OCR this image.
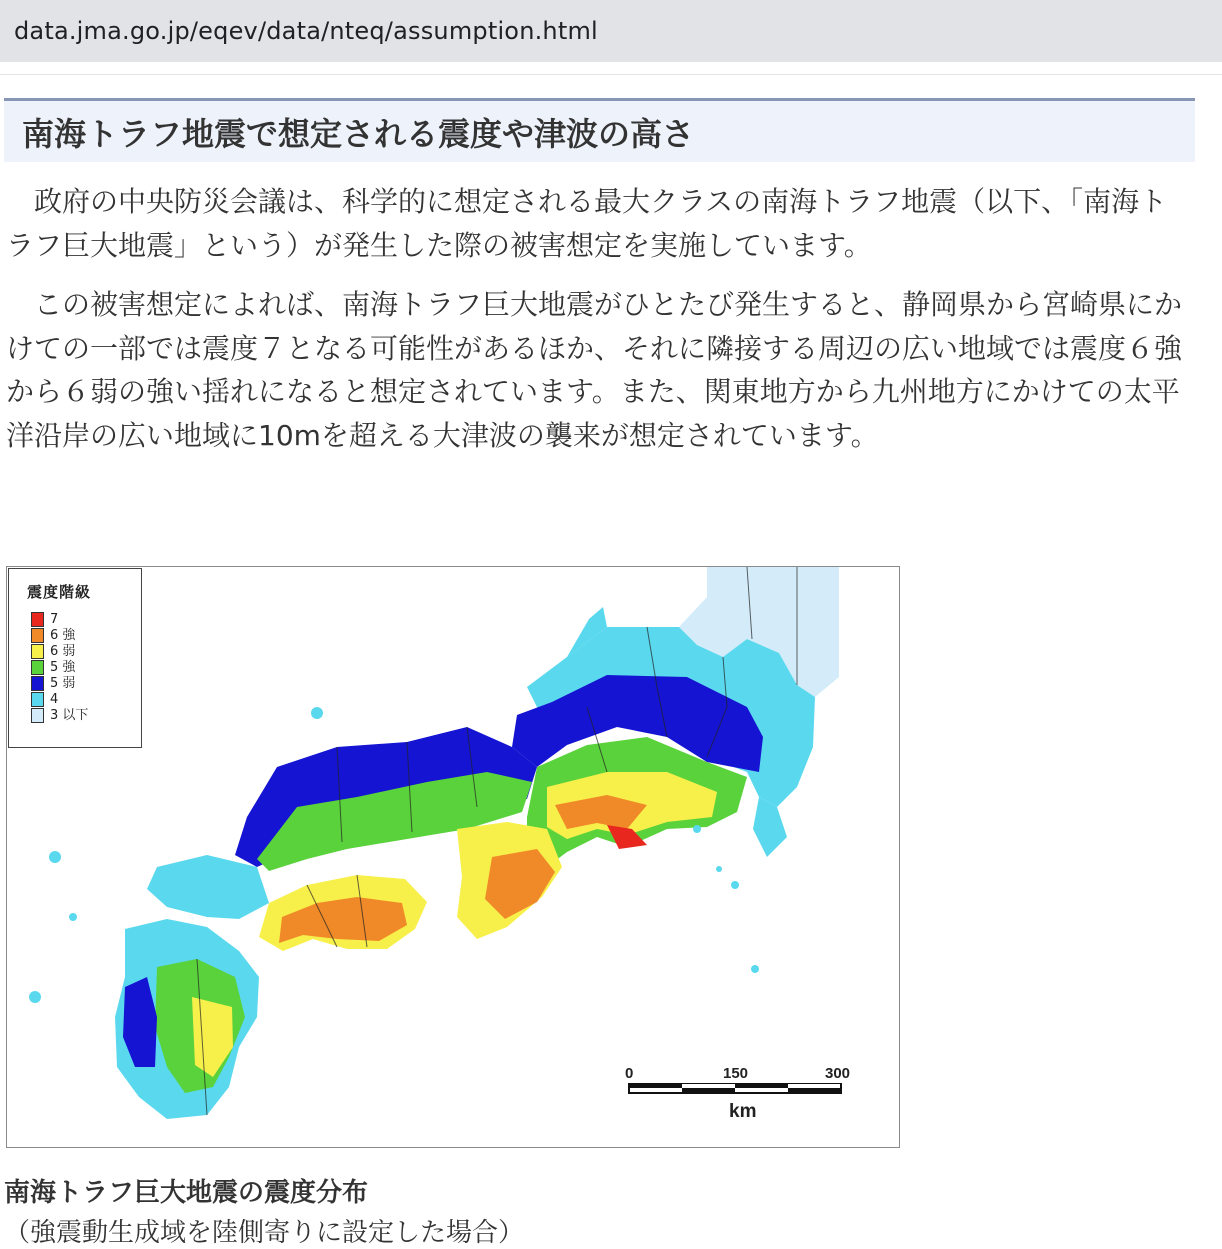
data.jma.go.jp/eqev/data/nteq/assumption.html
南海トラフ地震で想定される震度や津波の高さ

政府の中央防災会議は、科学的に想定される最大クラスの南海トラフ地震（以下、「南海トラフ巨大地震」という）が発生した際の被害想定を実施しています。

この被害想定によれば、南海トラフ巨大地震がひとたび発生すると、静岡県から宮崎県にかけての一部では震度７となる可能性があるほか、それに隣接する周辺の広い地域では震度６強から６弱の強い揺れになると想定されています。また、関東地方から九州地方にかけての太平洋沿岸の広い地域に10mを超える大津波の襲来が想定されています。

震度階級
7
6 強
6 弱
5 強
5 弱
4
3 以下
0	150	300
km
南海トラフ巨大地震の震度分布
（強震動生成域を陸側寄りに設定した場合）
